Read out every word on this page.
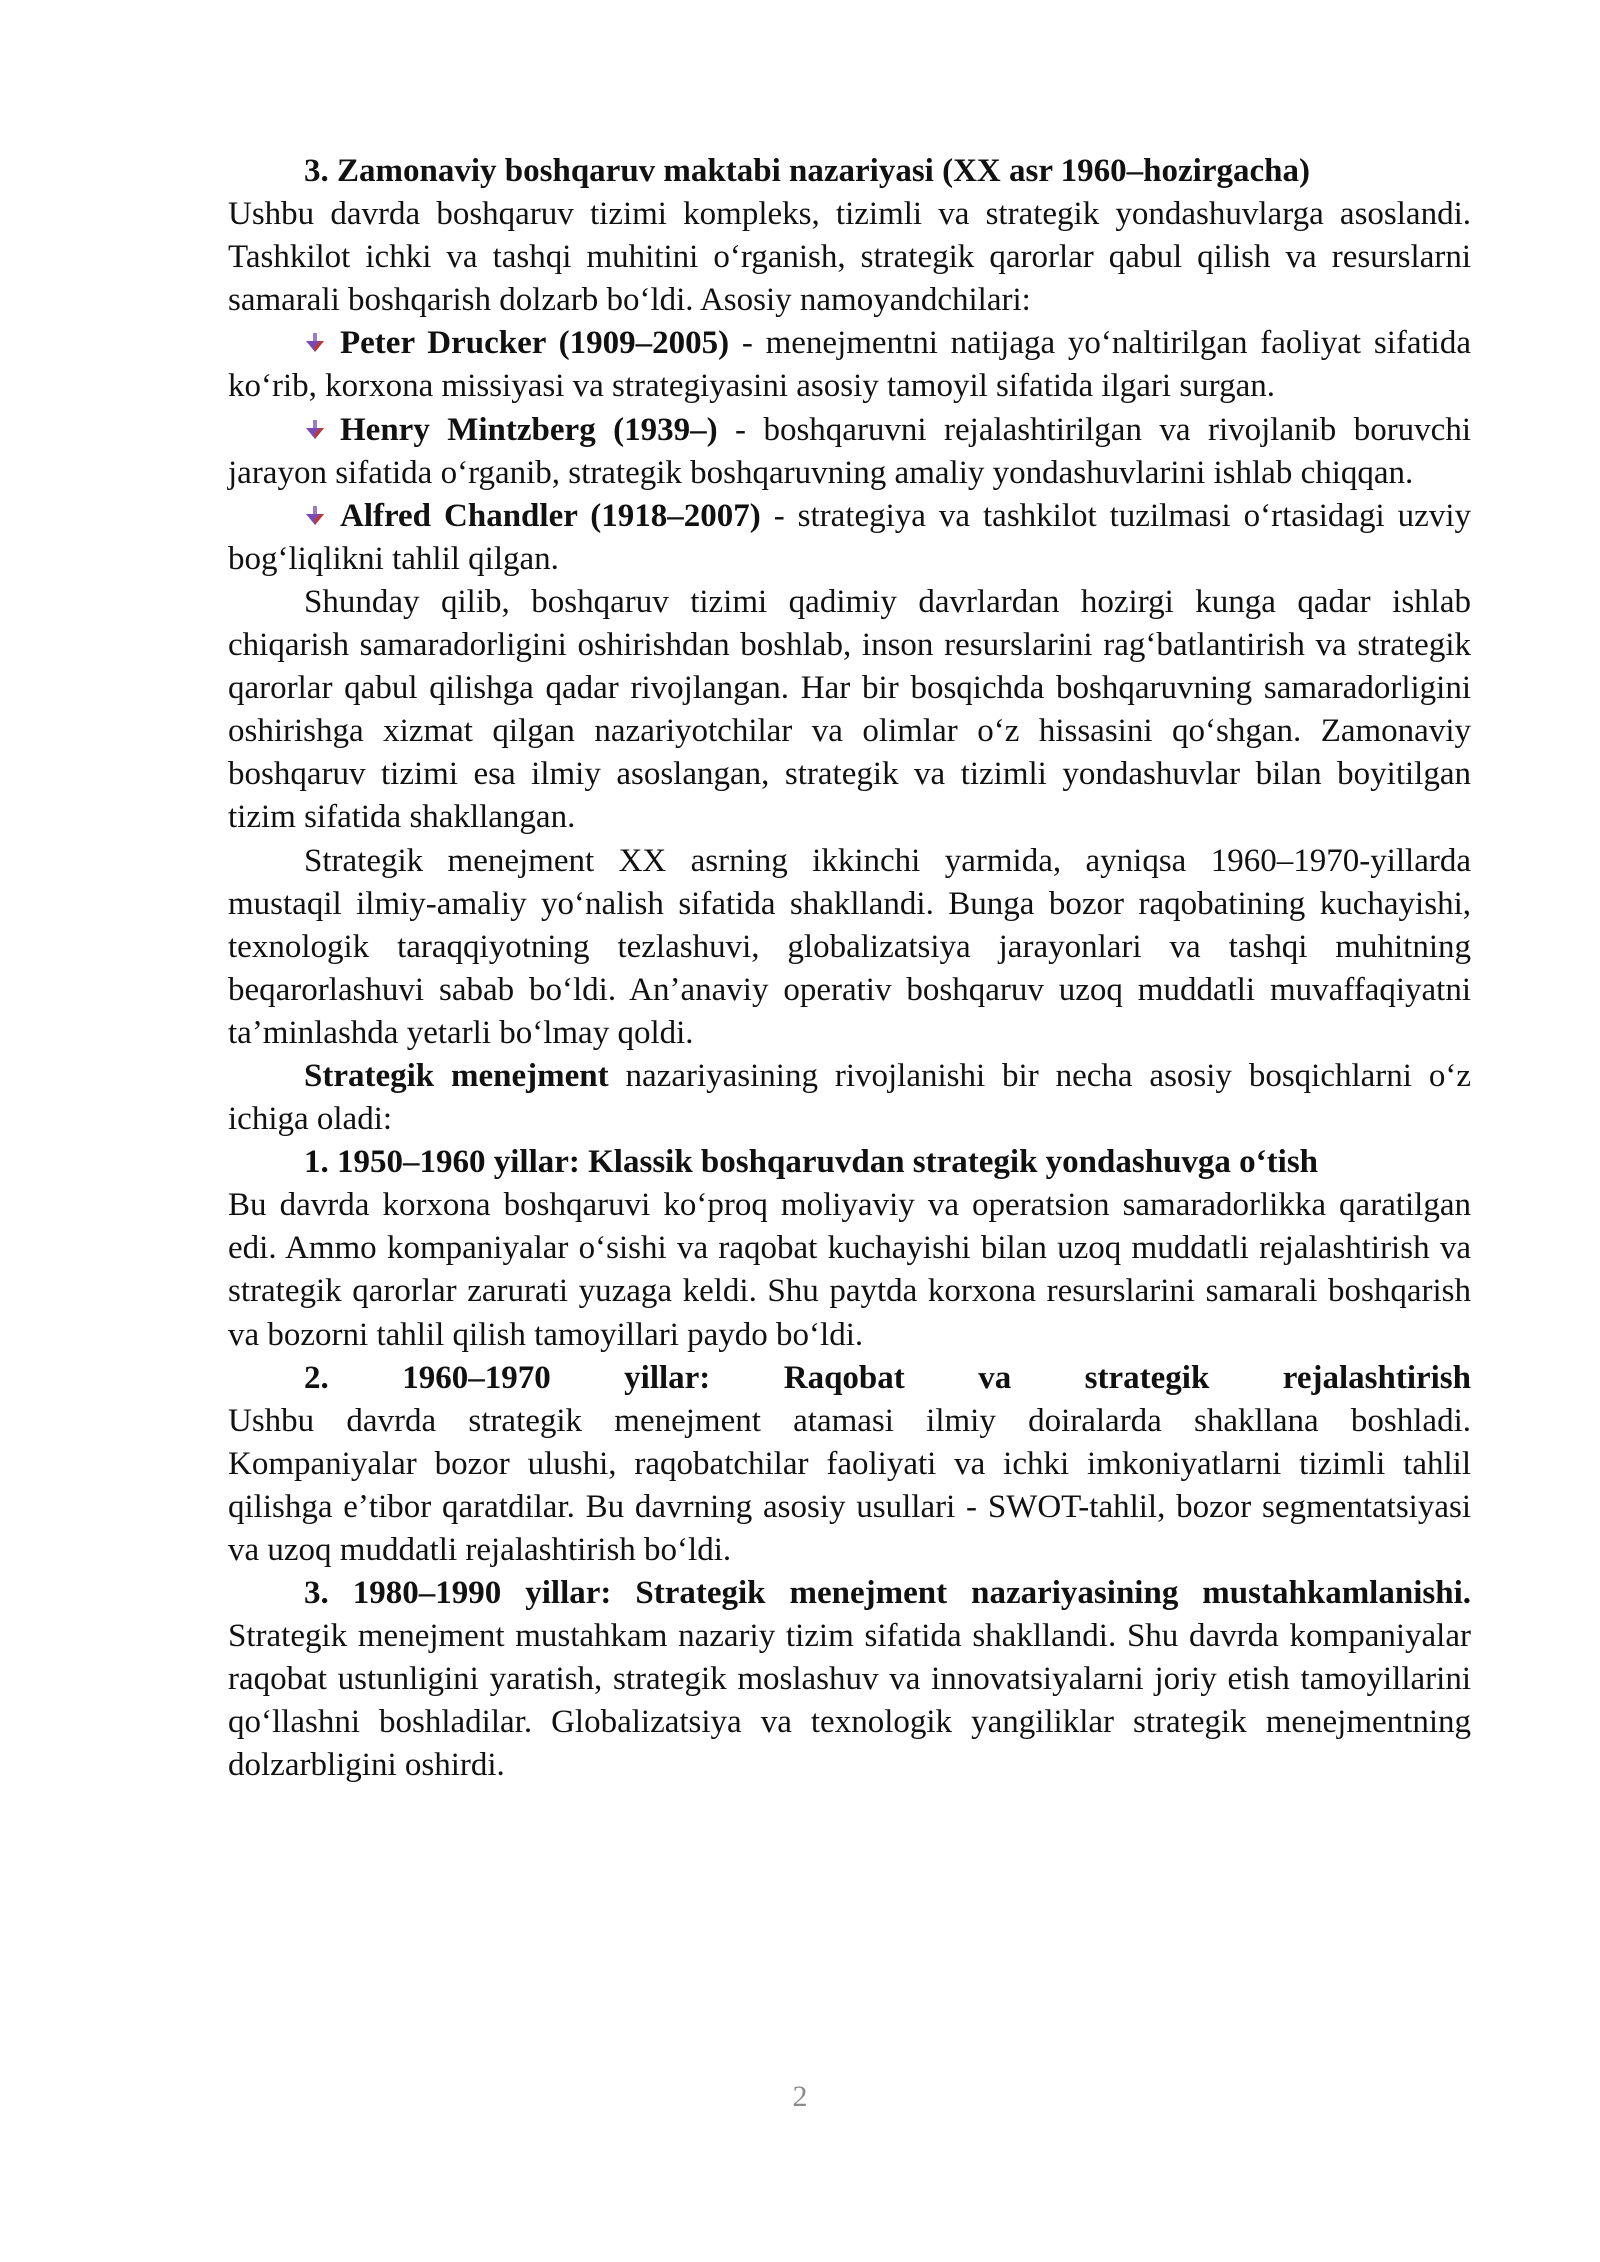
3. Zamonaviy boshqaruv maktabi nazariyasi (XX asr 1960–hozirgacha)
Ushbu davrda boshqaruv tizimi kompleks, tizimli va strategik yondashuvlarga asoslandi. Tashkilot ichki va tashqi muhitini oʻrganish, strategik qarorlar qabul qilish va resurslarni samarali boshqarish dolzarb boʻldi. Asosiy namoyandchilari:

Peter Drucker (1909–2005) - menejmentni natijaga yoʻnaltirilgan faoliyat sifatida koʻrib, korxona missiyasi va strategiyasini asosiy tamoyil sifatida ilgari surgan.

Henry Mintzberg (1939–) - boshqaruvni rejalashtirilgan va rivojlanib boruvchi jarayon sifatida oʻrganib, strategik boshqaruvning amaliy yondashuvlarini ishlab chiqqan.

Alfred Chandler (1918–2007) - strategiya va tashkilot tuzilmasi oʻrtasidagi uzviy bogʻliqlikni tahlil qilgan.

Shunday qilib, boshqaruv tizimi qadimiy davrlardan hozirgi kunga qadar ishlab chiqarish samaradorligini oshirishdan boshlab, inson resurslarini ragʻbatlantirish va strategik qarorlar qabul qilishga qadar rivojlangan. Har bir bosqichda boshqaruvning samaradorligini oshirishga xizmat qilgan nazariyotchilar va olimlar oʻz hissasini qoʻshgan. Zamonaviy boshqaruv tizimi esa ilmiy asoslangan, strategik va tizimli yondashuvlar bilan boyitilgan tizim sifatida shakllangan.

Strategik menejment XX asrning ikkinchi yarmida, ayniqsa 1960–1970-yillarda mustaqil ilmiy-amaliy yoʻnalish sifatida shakllandi. Bunga bozor raqobatining kuchayishi, texnologik taraqqiyotning tezlashuvi, globalizatsiya jarayonlari va tashqi muhitning beqarorlashuvi sabab boʻldi. Anʼanaviy operativ boshqaruv uzoq muddatli muvaffaqiyatni taʼminlashda yetarli boʻlmay qoldi.

Strategik menejment nazariyasining rivojlanishi bir necha asosiy bosqichlarni oʻz ichiga oladi:

1. 1950–1960 yillar: Klassik boshqaruvdan strategik yondashuvga oʻtish
Bu davrda korxona boshqaruvi koʻproq moliyaviy va operatsion samaradorlikka qaratilgan edi. Ammo kompaniyalar oʻsishi va raqobat kuchayishi bilan uzoq muddatli rejalashtirish va strategik qarorlar zarurati yuzaga keldi. Shu paytda korxona resurslarini samarali boshqarish va bozorni tahlil qilish tamoyillari paydo boʻldi.

2. 1960–1970 yillar: Raqobat va strategik rejalashtirish
Ushbu davrda strategik menejment atamasi ilmiy doiralarda shakllana boshladi. Kompaniyalar bozor ulushi, raqobatchilar faoliyati va ichki imkoniyatlarni tizimli tahlil qilishga eʼtibor qaratdilar. Bu davrning asosiy usullari - SWOT-tahlil, bozor segmentatsiyasi va uzoq muddatli rejalashtirish boʻldi.

3. 1980–1990 yillar: Strategik menejment nazariyasining mustahkamlanishi. Strategik menejment mustahkam nazariy tizim sifatida shakllandi. Shu davrda kompaniyalar raqobat ustunligini yaratish, strategik moslashuv va innovatsiyalarni joriy etish tamoyillarini qoʻllashni boshladilar. Globalizatsiya va texnologik yangiliklar strategik menejmentning dolzarbligini oshirdi.

2
